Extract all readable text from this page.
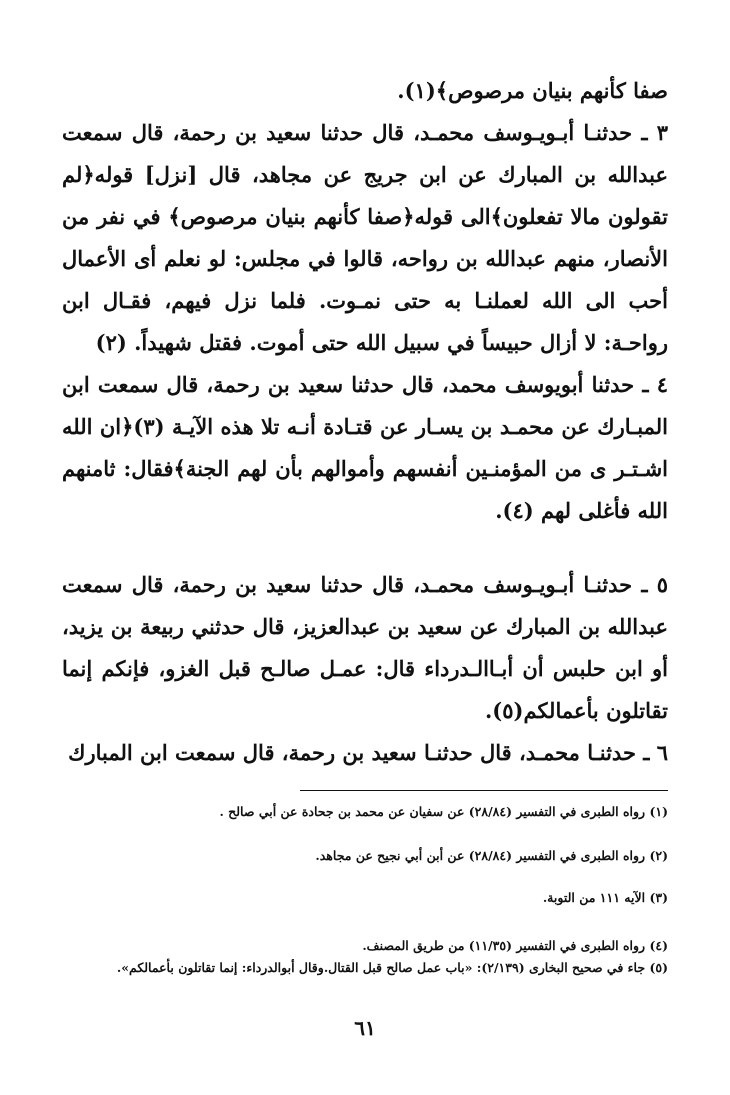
صفا كأنهم بنيان مرصوص﴾(١).

٣ ـ حدثنـا أبـويـوسف محمـد، قال حدثنا سعيد بن رحمة، قال سمعت عبدالله بن المبارك عن ابن جريج عن مجاهد، قال [نزل] قوله﴿لم تقولون مالا تفعلون﴾الى قوله﴿صفا كأنهم بنيان مرصوص﴾ في نفر من الأنصار، منهم عبدالله بن رواحه، قالوا في مجلس: لو نعلم أى الأعمال أحب الى الله لعملنـا به حتى نمـوت. فلما نزل فيهم، فقـال ابن رواحـة: لا أزال حبيساً في سبيل الله حتى أموت. فقتل شهيداً. (٢)

٤ ـ حدثنا أبويوسف محمد، قال حدثنا سعيد بن رحمة، قال سمعت ابن المبـارك عن محمـد بن يسـار عن قتـادة أنـه تلا هذه الآيـة (٣)﴿ان الله اشـتـر ى من المؤمنـين أنفسهم وأموالهم بأن لهم الجنة﴾فقال: ثامنهم الله فأغلى لهم (٤).

٥ ـ حدثنـا أبـويـوسف محمـد، قال حدثنا سعيد بن رحمة، قال سمعت عبدالله بن المبارك عن سعيد بن عبدالعزيز، قال حدثني ربيعة بن يزيد، أو ابن حلبس أن أبـاالـدرداء قال: عمـل صالـح قبل الغزو، فإنكم إنما تقاتلون بأعمالكم(٥).

٦ ـ حدثنـا محمـد، قال حدثنـا سعيد بن رحمة، قال سمعت ابن المبارك

(١) رواه الطبرى في التفسير (٢٨/٨٤) عن سفيان عن محمد بن جحادة عن أبي صالح .

(٢) رواه الطبرى في التفسير (٢٨/٨٤) عن أبن أبي نجيح عن مجاهد.

(٣) الآيه ١١١ من التوبة.

(٤) رواه الطبرى في التفسير (١١/٣٥) من طريق المصنف.

(٥) جاء في صحيح البخارى (٢/١٣٩): «باب عمل صالح قبل القتال.وقال أبوالدرداء: إنما تقاتلون بأعمالكم».

٦١
